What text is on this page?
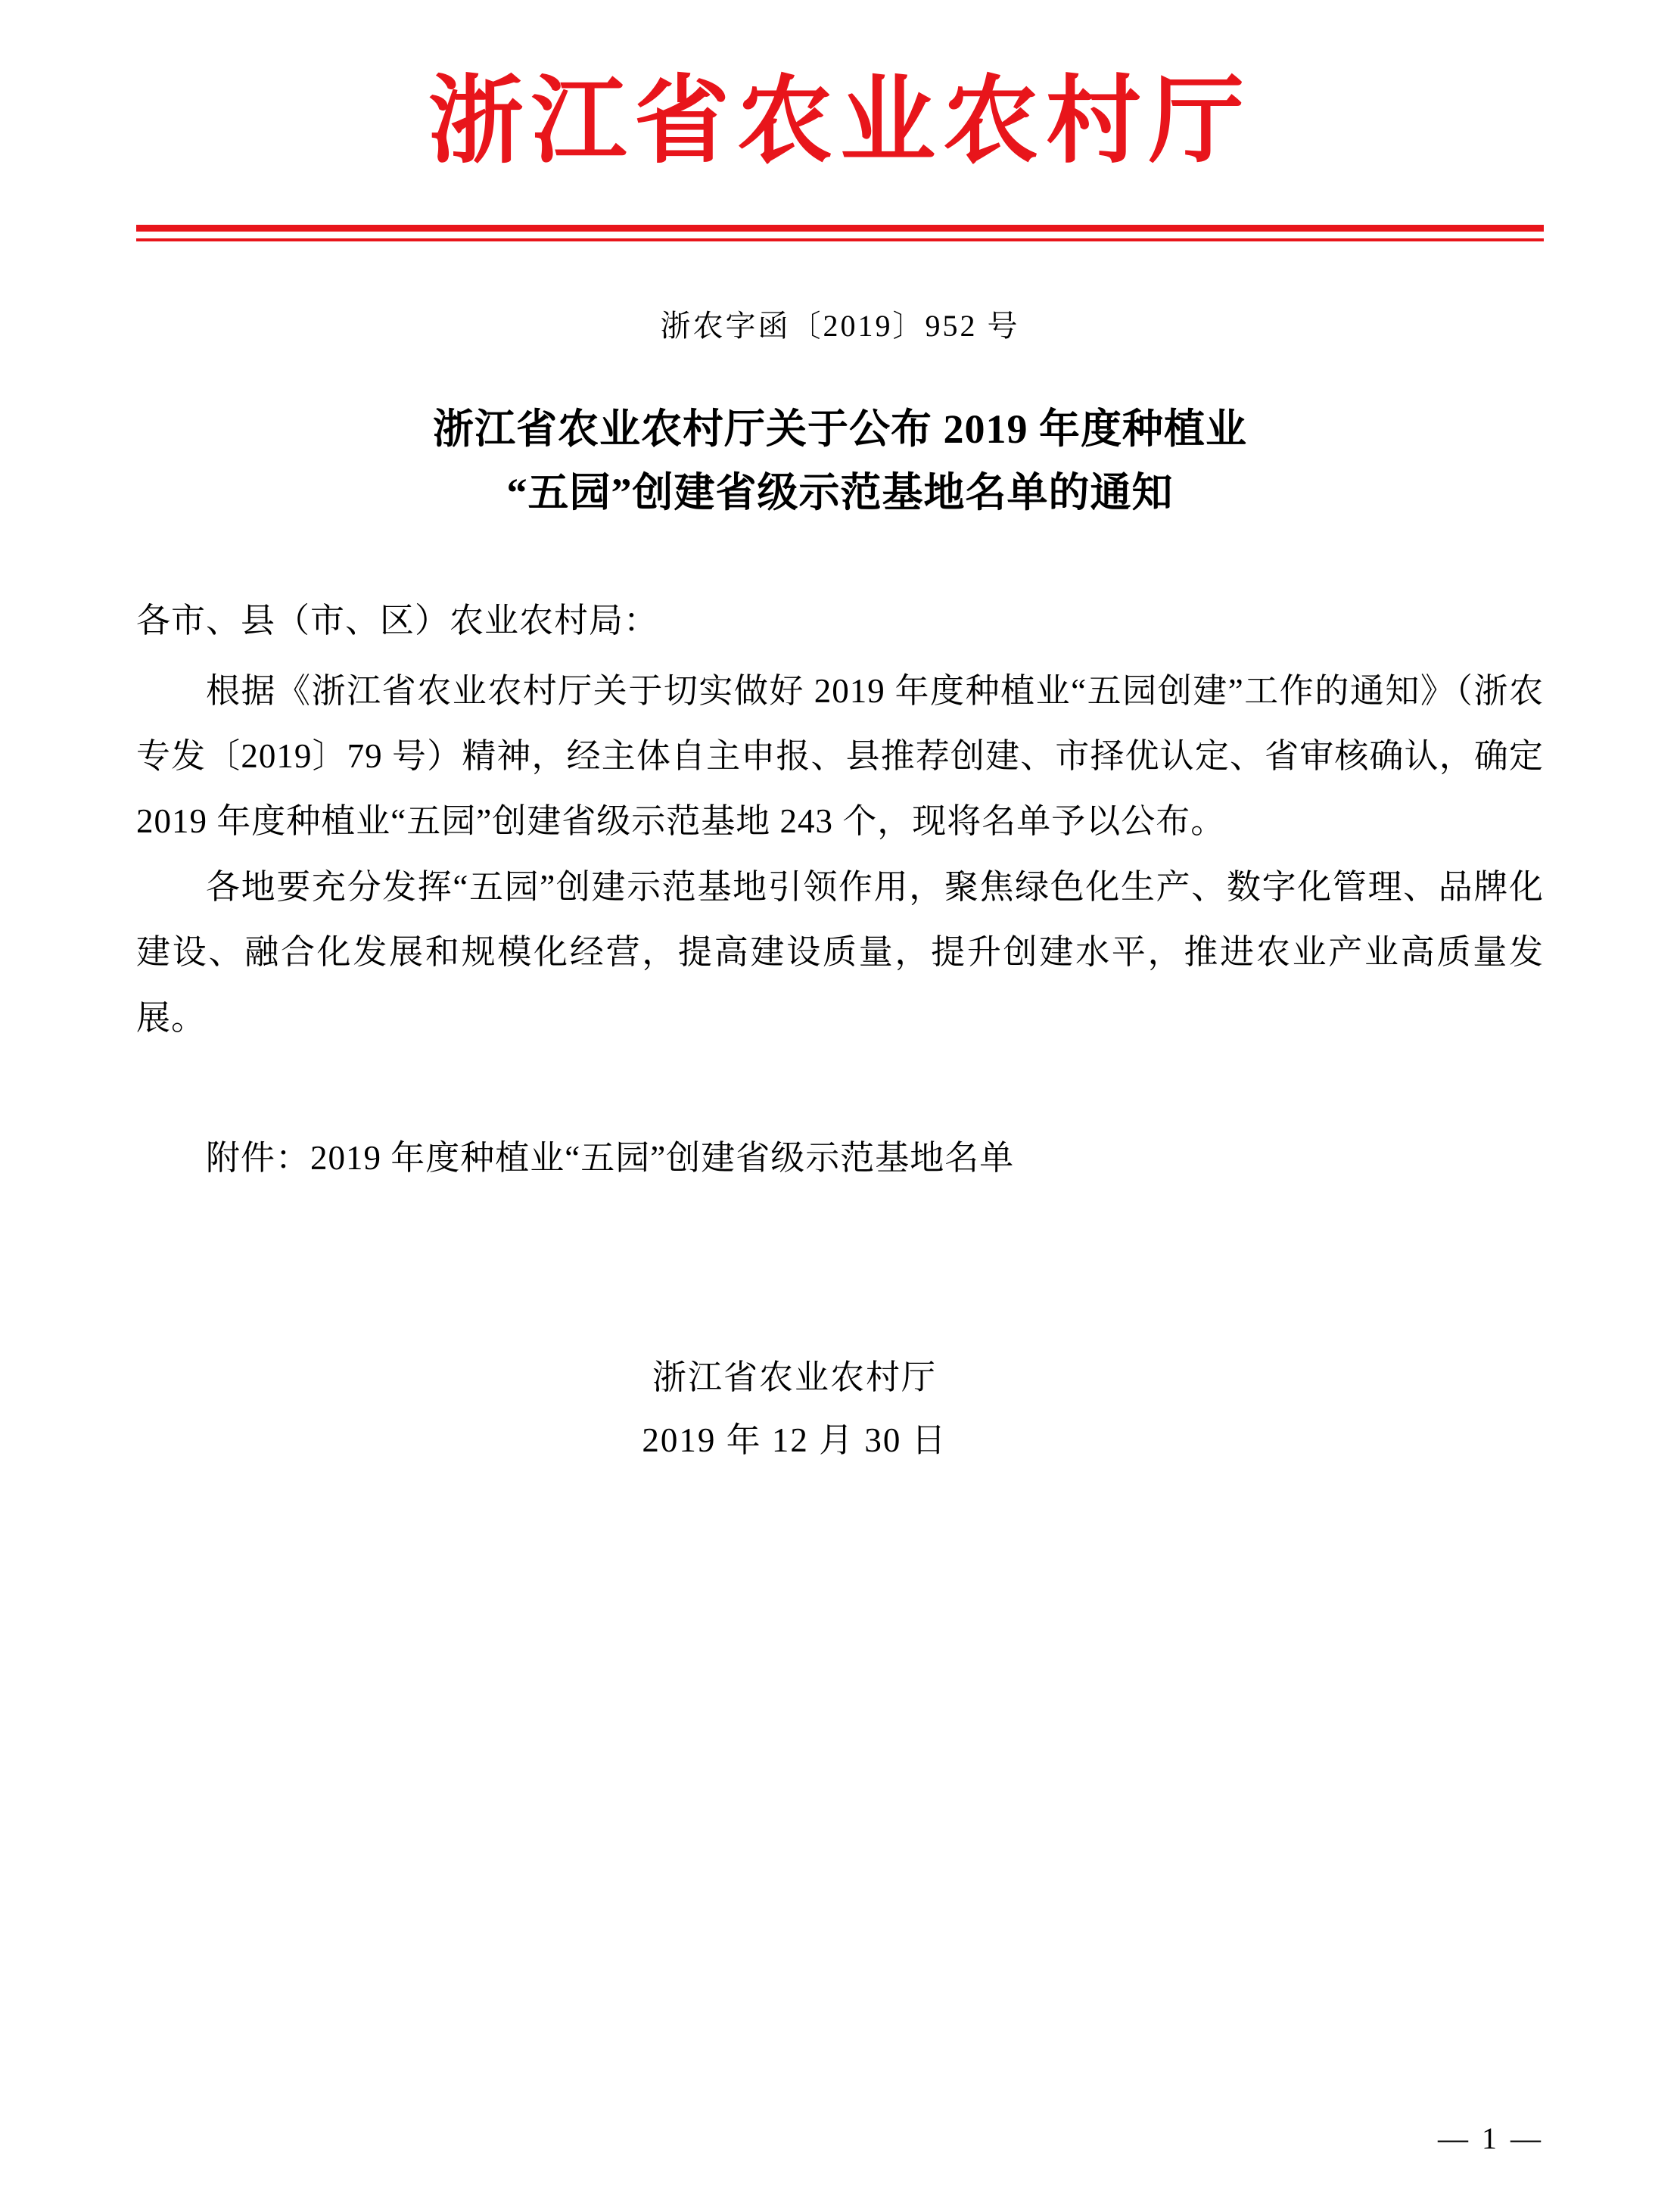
浙江省农业农村厅
浙农字函〔2019〕952 号
浙江省农业农村厅关于公布 2019 年度种植业
“五园”创建省级示范基地名单的通知

各市、县（市、区）农业农村局：

根据《浙江省农业农村厅关于切实做好 2019 年度种植业“五园创建”工作的通知》（浙农专发〔2019〕79 号）精神，经主体自主申报、县推荐创建、市择优认定、省审核确认，确定 2019 年度种植业“五园”创建省级示范基地 243 个，现将名单予以公布。

各地要充分发挥“五园”创建示范基地引领作用，聚焦绿色化生产、数字化管理、品牌化建设、融合化发展和规模化经营，提高建设质量，提升创建水平，推进农业产业高质量发展。

附件：2019 年度种植业“五园”创建省级示范基地名单
浙江省农业农村厅
2019 年 12 月 30 日
— 1 —
